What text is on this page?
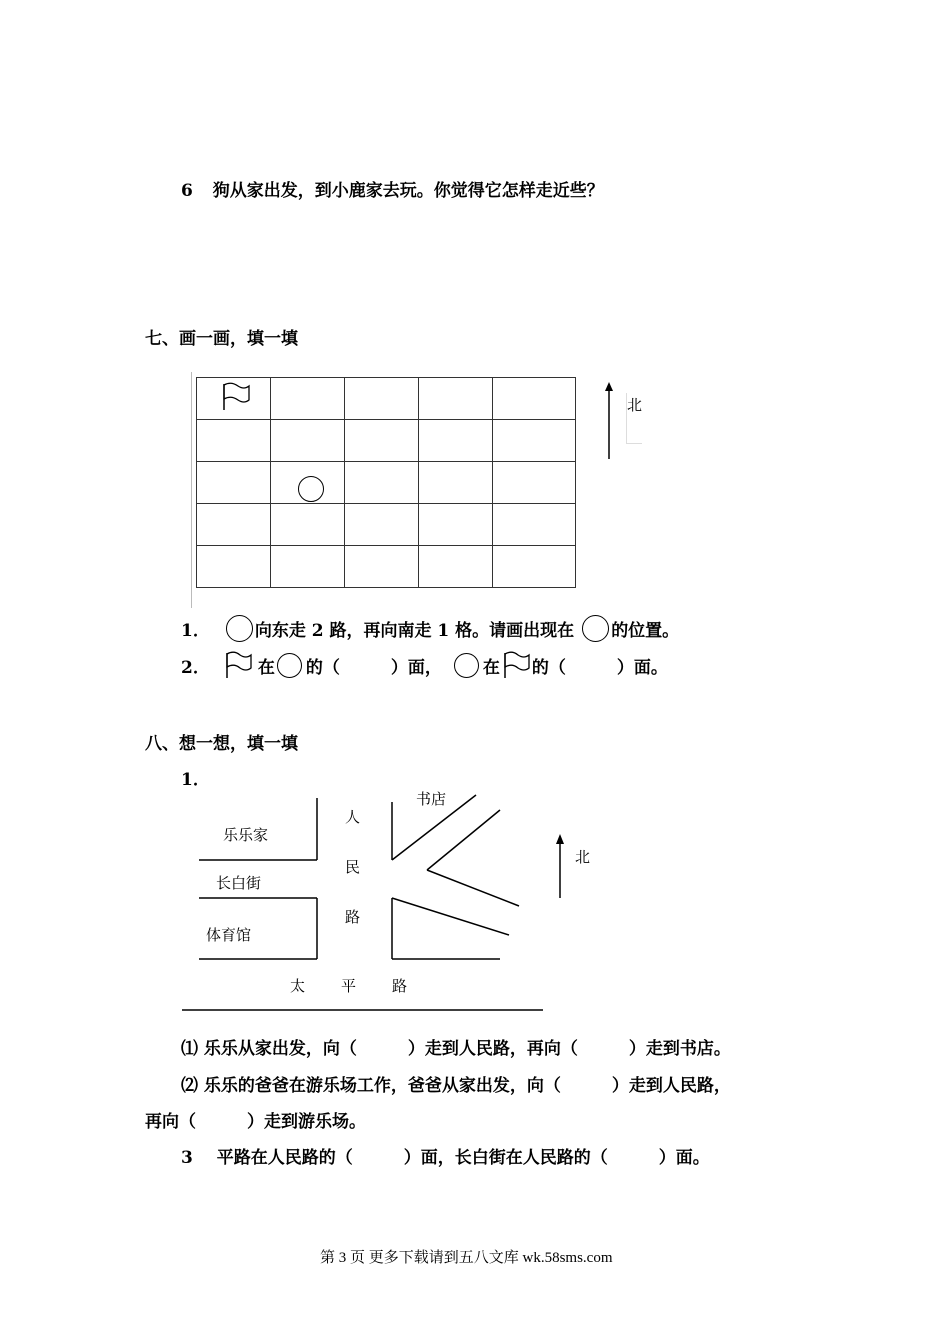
6 狗从家出发，到小鹿家去玩。你觉得它怎样走近些？
七、画一画，填一填

北
1．	向东走 2 路，再向南走 1 格。请画出现在 的位置。
2．	在 的（　　　）面， 在 的（　　　）面。
八、想一想，填一填
1．
书店
乐乐家
长白街
体育馆
人
民
路
太 平 路
北
⑴ 乐乐从家出发，向（　　　）走到人民路，再向（　　　）走到书店。
⑵ 乐乐的爸爸在游乐场工作，爸爸从家出发，向（　　　）走到人民路，
再向（　　　）走到游乐场。
3 平路在人民路的（　　　）面，长白街在人民路的（　　　）面。
第 3 页 更多下载请到五八文库 wk.58sms.com
